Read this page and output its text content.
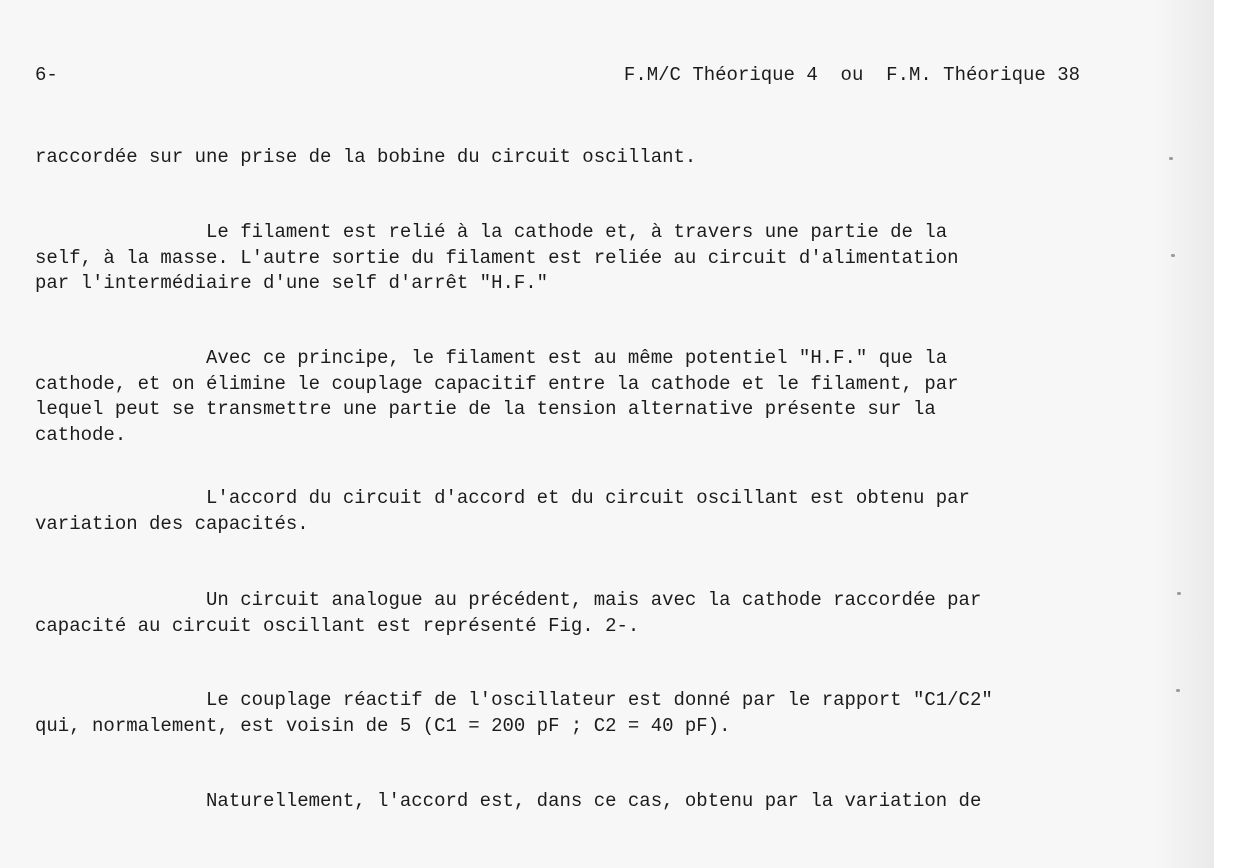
6-

	F.M/C Théorique 4  ou  F.M. Théorique 38

raccordée sur une prise de la bobine du circuit oscillant.
Le filament est relié à la cathode et, à travers une partie de la
self, à la masse. L'autre sortie du filament est reliée au circuit d'alimentation
par l'intermédiaire d'une self d'arrêt "H.F."
Avec ce principe, le filament est au même potentiel "H.F." que la
cathode, et on élimine le couplage capacitif entre la cathode et le filament, par
lequel peut se transmettre une partie de la tension alternative présente sur la
cathode.
L'accord du circuit d'accord et du circuit oscillant est obtenu par
variation des capacités.
Un circuit analogue au précédent, mais avec la cathode raccordée par
capacité au circuit oscillant est représenté Fig. 2-.
Le couplage réactif de l'oscillateur est donné par le rapport "C1/C2"
qui, normalement, est voisin de 5 (C1 = 200 pF ; C2 = 40 pF).
Naturellement, l'accord est, dans ce cas, obtenu par la variation de
